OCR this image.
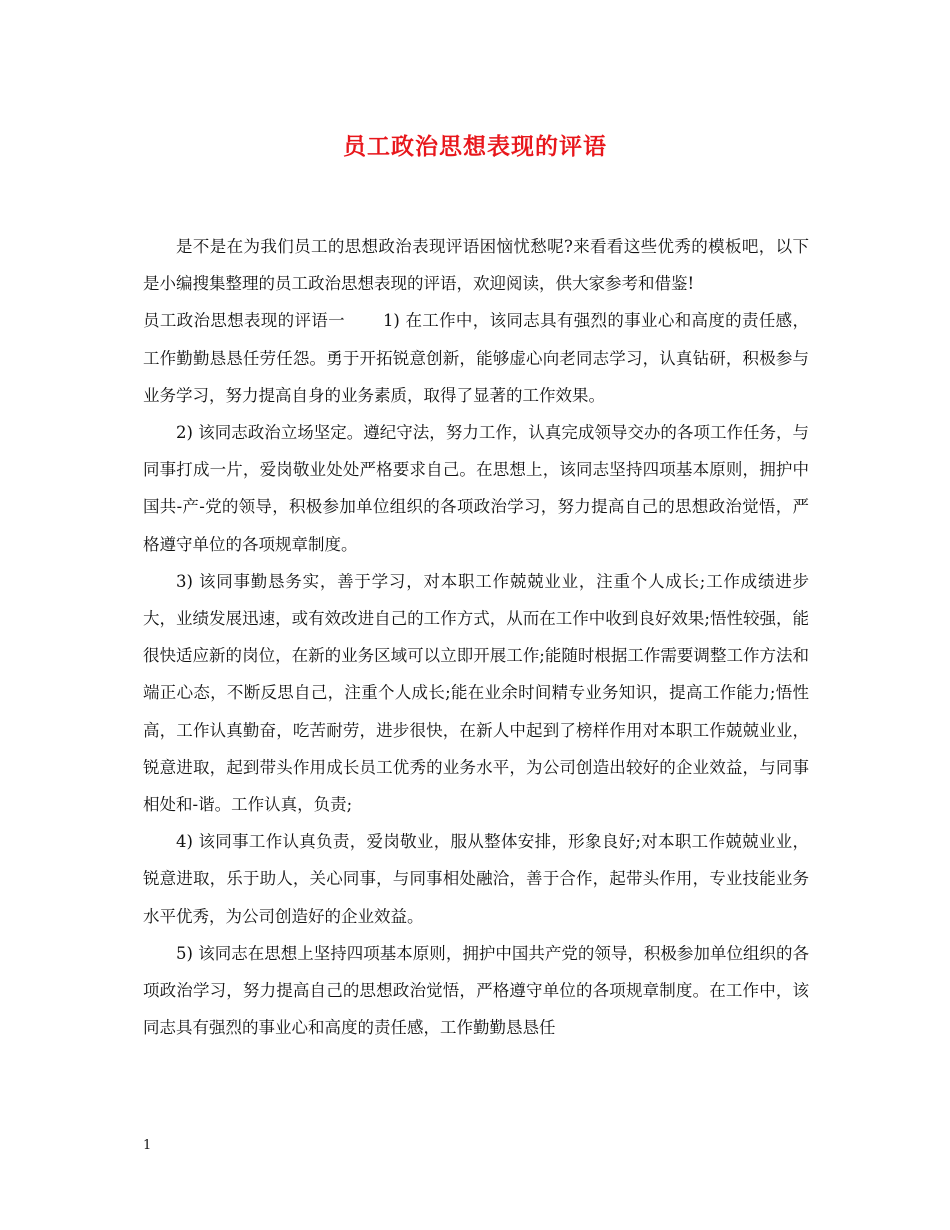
员工政治思想表现的评语

是不是在为我们员工的思想政治表现评语困恼忧愁呢?来看看这些优秀的模板吧，以下是小编搜集整理的员工政治思想表现的评语，欢迎阅读，供大家参考和借鉴!

员工政治思想表现的评语一 1) 在工作中，该同志具有强烈的事业心和高度的责任感，工作勤勤恳恳任劳任怨。勇于开拓锐意创新，能够虚心向老同志学习，认真钻研，积极参与业务学习，努力提高自身的业务素质，取得了显著的工作效果。

2) 该同志政治立场坚定。遵纪守法，努力工作，认真完成领导交办的各项工作任务，与同事打成一片，爱岗敬业处处严格要求自己。在思想上，该同志坚持四项基本原则，拥护中国共-产-党的领导，积极参加单位组织的各项政治学习，努力提高自己的思想政治觉悟，严格遵守单位的各项规章制度。

3) 该同事勤恳务实，善于学习，对本职工作兢兢业业，注重个人成长;工作成绩进步大，业绩发展迅速，或有效改进自己的工作方式，从而在工作中收到良好效果;悟性较强，能很快适应新的岗位，在新的业务区域可以立即开展工作;能随时根据工作需要调整工作方法和端正心态，不断反思自己，注重个人成长;能在业余时间精专业务知识，提高工作能力;悟性高，工作认真勤奋，吃苦耐劳，进步很快，在新人中起到了榜样作用对本职工作兢兢业业，锐意进取，起到带头作用成长员工优秀的业务水平，为公司创造出较好的企业效益，与同事相处和-谐。工作认真，负责;

4) 该同事工作认真负责，爱岗敬业，服从整体安排，形象良好;对本职工作兢兢业业，锐意进取，乐于助人，关心同事，与同事相处融洽，善于合作，起带头作用，专业技能业务水平优秀，为公司创造好的企业效益。

5) 该同志在思想上坚持四项基本原则，拥护中国共产党的领导，积极参加单位组织的各项政治学习，努力提高自己的思想政治觉悟，严格遵守单位的各项规章制度。在工作中，该同志具有强烈的事业心和高度的责任感，工作勤勤恳恳任

1
